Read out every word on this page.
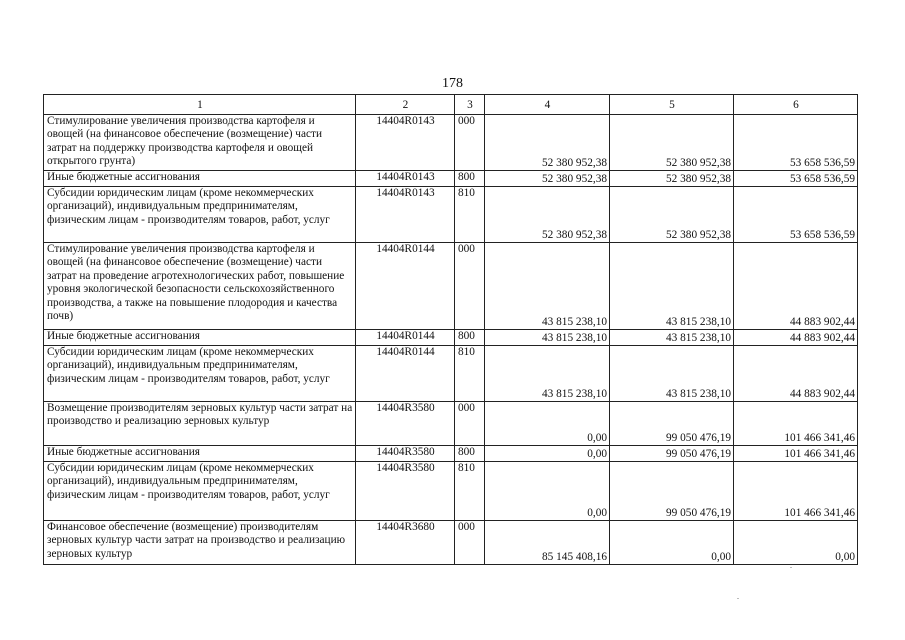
178
1	2	3	4	5	6
Стимулирование увеличения производства картофеля и овощей (на финансовое обеспечение (возмещение) части затрат на поддержку производства картофеля и овощей открытого грунта)	14404R0143	000	52 380 952,38	52 380 952,38	53 658 536,59
Иные бюджетные ассигнования	14404R0143	800	52 380 952,38	52 380 952,38	53 658 536,59
Субсидии юридическим лицам (кроме некоммерческих организаций), индивидуальным предпринимателям, физическим лицам - производителям товаров, работ, услуг	14404R0143	810	52 380 952,38	52 380 952,38	53 658 536,59
Стимулирование увеличения производства картофеля и овощей (на финансовое обеспечение (возмещение) части затрат на проведение агротехнологических работ, повышение уровня экологической безопасности сельскохозяйственного производства, а также на повышение плодородия и качества почв)	14404R0144	000	43 815 238,10	43 815 238,10	44 883 902,44
Иные бюджетные ассигнования	14404R0144	800	43 815 238,10	43 815 238,10	44 883 902,44
Субсидии юридическим лицам (кроме некоммерческих организаций), индивидуальным предпринимателям, физическим лицам - производителям товаров, работ, услуг	14404R0144	810	43 815 238,10	43 815 238,10	44 883 902,44
Возмещение производителям зерновых культур части затрат на производство и реализацию зерновых культур	14404R3580	000	0,00	99 050 476,19	101 466 341,46
Иные бюджетные ассигнования	14404R3580	800	0,00	99 050 476,19	101 466 341,46
Субсидии юридическим лицам (кроме некоммерческих организаций), индивидуальным предпринимателям, физическим лицам - производителям товаров, работ, услуг	14404R3580	810	0,00	99 050 476,19	101 466 341,46
Финансовое обеспечение (возмещение) производителям зерновых культур части затрат на производство и реализацию зерновых культур	14404R3680	000	85 145 408,16	0,00	0,00
